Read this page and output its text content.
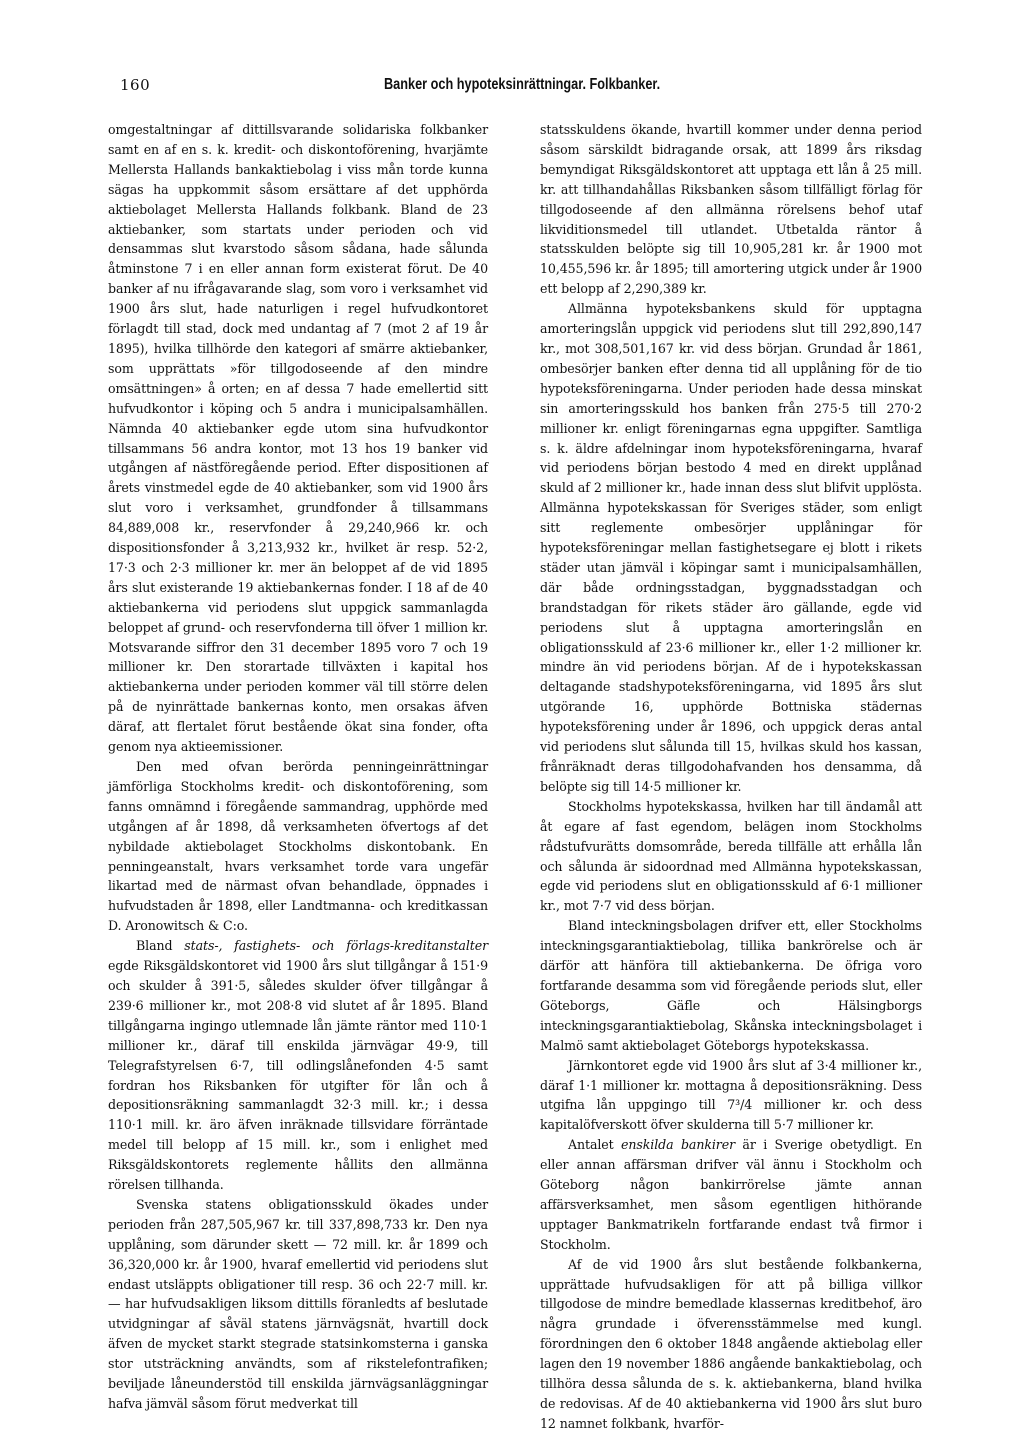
160	Banker och hypoteksinrättningar. Folkbanker.

omgestaltningar af dittillsvarande solidariska folkbanker samt en af en s. k. kredit- och diskontoförening, hvarjämte Mellersta Hallands bankaktiebolag i viss mån torde kunna sägas ha uppkommit såsom ersättare af det upphörda aktiebolaget Mellersta Hallands folkbank. Bland de 23 aktiebanker, som startats under perioden och vid densammas slut kvarstodo såsom sådana, hade sålunda åtminstone 7 i en eller annan form existerat förut. De 40 banker af nu ifrågavarande slag, som voro i verksamhet vid 1900 års slut, hade naturligen i regel hufvudkontoret förlagdt till stad, dock med undantag af 7 (mot 2 af 19 år 1895), hvilka tillhörde den kategori af smärre aktiebanker, som upprättats »för tillgodoseende af den mindre omsättningen» å orten; en af dessa 7 hade emellertid sitt hufvudkontor i köping och 5 andra i municipalsamhällen. Nämnda 40 aktiebanker egde utom sina hufvudkontor tillsammans 56 andra kontor, mot 13 hos 19 banker vid utgången af nästföregående period. Efter dispositionen af årets vinstmedel egde de 40 aktiebanker, som vid 1900 års slut voro i verksamhet, grundfonder å tillsammans 84,889,008 kr., reservfonder å 29,240,966 kr. och dispositionsfonder å 3,213,932 kr., hvilket är resp. 52·2, 17·3 och 2·3 millioner kr. mer än beloppet af de vid 1895 års slut existerande 19 aktiebankernas fonder. I 18 af de 40 aktiebankerna vid periodens slut uppgick sammanlagda beloppet af grund- och reservfonderna till öfver 1 million kr. Motsvarande siffror den 31 december 1895 voro 7 och 19 millioner kr. Den storartade tillväxten i kapital hos aktiebankerna under perioden kommer väl till större delen på de nyinrättade bankernas konto, men orsakas äfven däraf, att flertalet förut bestående ökat sina fonder, ofta genom nya aktieemissioner.

Den med ofvan berörda penningeinrättningar jämförliga Stockholms kredit- och diskontoförening, som fanns omnämnd i föregående sammandrag, upphörde med utgången af år 1898, då verksamheten öfvertogs af det nybildade aktiebolaget Stockholms diskontobank. En penningeanstalt, hvars verksamhet torde vara ungefär likartad med de närmast ofvan behandlade, öppnades i hufvudstaden år 1898, eller Landtmanna- och kreditkassan D. Aronowitsch & C:o.

Bland stats-, fastighets- och förlags-kreditanstalter egde Riksgäldskontoret vid 1900 års slut tillgångar å 151·9 och skulder å 391·5, således skulder öfver tillgångar å 239·6 millioner kr., mot 208·8 vid slutet af år 1895. Bland tillgångarna ingingo utlemnade lån jämte räntor med 110·1 millioner kr., däraf till enskilda järnvägar 49·9, till Telegrafstyrelsen 6·7, till odlingslånefonden 4·5 samt fordran hos Riksbanken för utgifter för lån och å depositionsräkning sammanlagdt 32·3 mill. kr.; i dessa 110·1 mill. kr. äro äfven inräknade tillsvidare förräntade medel till belopp af 15 mill. kr., som i enlighet med Riksgäldskontorets reglemente hållits den allmänna rörelsen tillhanda.

Svenska statens obligationsskuld ökades under perioden från 287,505,967 kr. till 337,898,733 kr. Den nya upplåning, som därunder skett — 72 mill. kr. år 1899 och 36,320,000 kr. år 1900, hvaraf emellertid vid periodens slut endast utsläppts obligationer till resp. 36 och 22·7 mill. kr. — har hufvudsakligen liksom dittills föranledts af beslutade utvidgningar af såväl statens järnvägsnät, hvartill dock äfven de mycket starkt stegrade statsinkomsterna i ganska stor utsträckning användts, som af rikstelefontrafiken; beviljade låneunderstöd till enskilda järnvägsanläggningar hafva jämväl såsom förut medverkat till

statsskuldens ökande, hvartill kommer under denna period såsom särskildt bidragande orsak, att 1899 års riksdag bemyndigat Riksgäldskontoret att upptaga ett lån å 25 mill. kr. att tillhandahållas Riksbanken såsom tillfälligt förlag för tillgodoseende af den allmänna rörelsens behof utaf likviditionsmedel till utlandet. Utbetalda räntor å statsskulden belöpte sig till 10,905,281 kr. år 1900 mot 10,455,596 kr. år 1895; till amortering utgick under år 1900 ett belopp af 2,290,389 kr.

Allmänna hypoteksbankens skuld för upptagna amorteringslån uppgick vid periodens slut till 292,890,147 kr., mot 308,501,167 kr. vid dess början. Grundad år 1861, ombesörjer banken efter denna tid all upplåning för de tio hypoteksföreningarna. Under perioden hade dessa minskat sin amorteringsskuld hos banken från 275·5 till 270·2 millioner kr. enligt föreningarnas egna uppgifter. Samtliga s. k. äldre afdelningar inom hypoteksföreningarna, hvaraf vid periodens början bestodo 4 med en direkt upplånad skuld af 2 millioner kr., hade innan dess slut blifvit upplösta. Allmänna hypotekskassan för Sveriges städer, som enligt sitt reglemente ombesörjer upplåningar för hypoteksföreningar mellan fastighetsegare ej blott i rikets städer utan jämväl i köpingar samt i municipalsamhällen, där både ordningsstadgan, byggnadsstadgan och brandstadgan för rikets städer äro gällande, egde vid periodens slut å upptagna amorteringslån en obligationsskuld af 23·6 millioner kr., eller 1·2 millioner kr. mindre än vid periodens början. Af de i hypotekskassan deltagande stadshypoteksföreningarna, vid 1895 års slut utgörande 16, upphörde Bottniska städernas hypoteksförening under år 1896, och uppgick deras antal vid periodens slut sålunda till 15, hvilkas skuld hos kassan, frånräknadt deras tillgodohafvanden hos densamma, då belöpte sig till 14·5 millioner kr.

Stockholms hypotekskassa, hvilken har till ändamål att åt egare af fast egendom, belägen inom Stockholms rådstufvurätts domsområde, bereda tillfälle att erhålla lån och sålunda är sidoordnad med Allmänna hypotekskassan, egde vid periodens slut en obligationsskuld af 6·1 millioner kr., mot 7·7 vid dess början.

Bland inteckningsbolagen drifver ett, eller Stockholms inteckningsgarantiaktiebolag, tillika bankrörelse och är därför att hänföra till aktiebankerna. De öfriga voro fortfarande desamma som vid föregående periods slut, eller Göteborgs, Gäfle och Hälsingborgs inteckningsgarantiaktiebolag, Skånska inteckningsbolaget i Malmö samt aktiebolaget Göteborgs hypotekskassa.

Järnkontoret egde vid 1900 års slut af 3·4 millioner kr., däraf 1·1 millioner kr. mottagna å depositionsräkning. Dess utgifna lån uppgingo till 7³/4 millioner kr. och dess kapitalöfverskott öfver skulderna till 5·7 millioner kr.

Antalet enskilda bankirer är i Sverige obetydligt. En eller annan affärsman drifver väl ännu i Stockholm och Göteborg någon bankirrörelse jämte annan affärsverksamhet, men såsom egentligen hithörande upptager Bankmatrikeln fortfarande endast två firmor i Stockholm.

Af de vid 1900 års slut bestående folkbankerna, upprättade hufvudsakligen för att på billiga villkor tillgodose de mindre bemedlade klassernas kreditbehof, äro några grundade i öfverensstämmelse med kungl. förordningen den 6 oktober 1848 angående aktiebolag eller lagen den 19 november 1886 angående bankaktiebolag, och tillhöra dessa sålunda de s. k. aktiebankerna, bland hvilka de redovisas. Af de 40 aktiebankerna vid 1900 års slut buro 12 namnet folkbank, hvarför-
